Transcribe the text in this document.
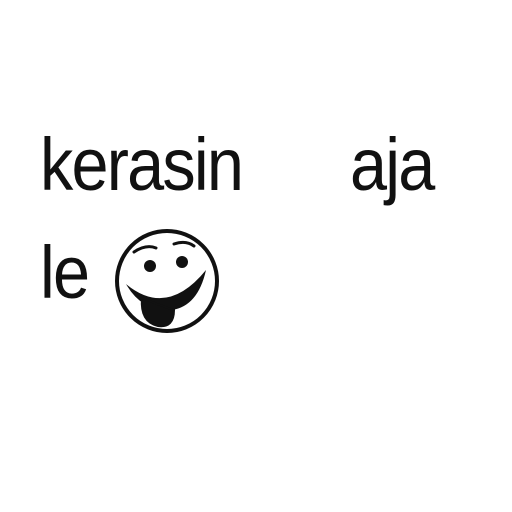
kerasin aja
le
